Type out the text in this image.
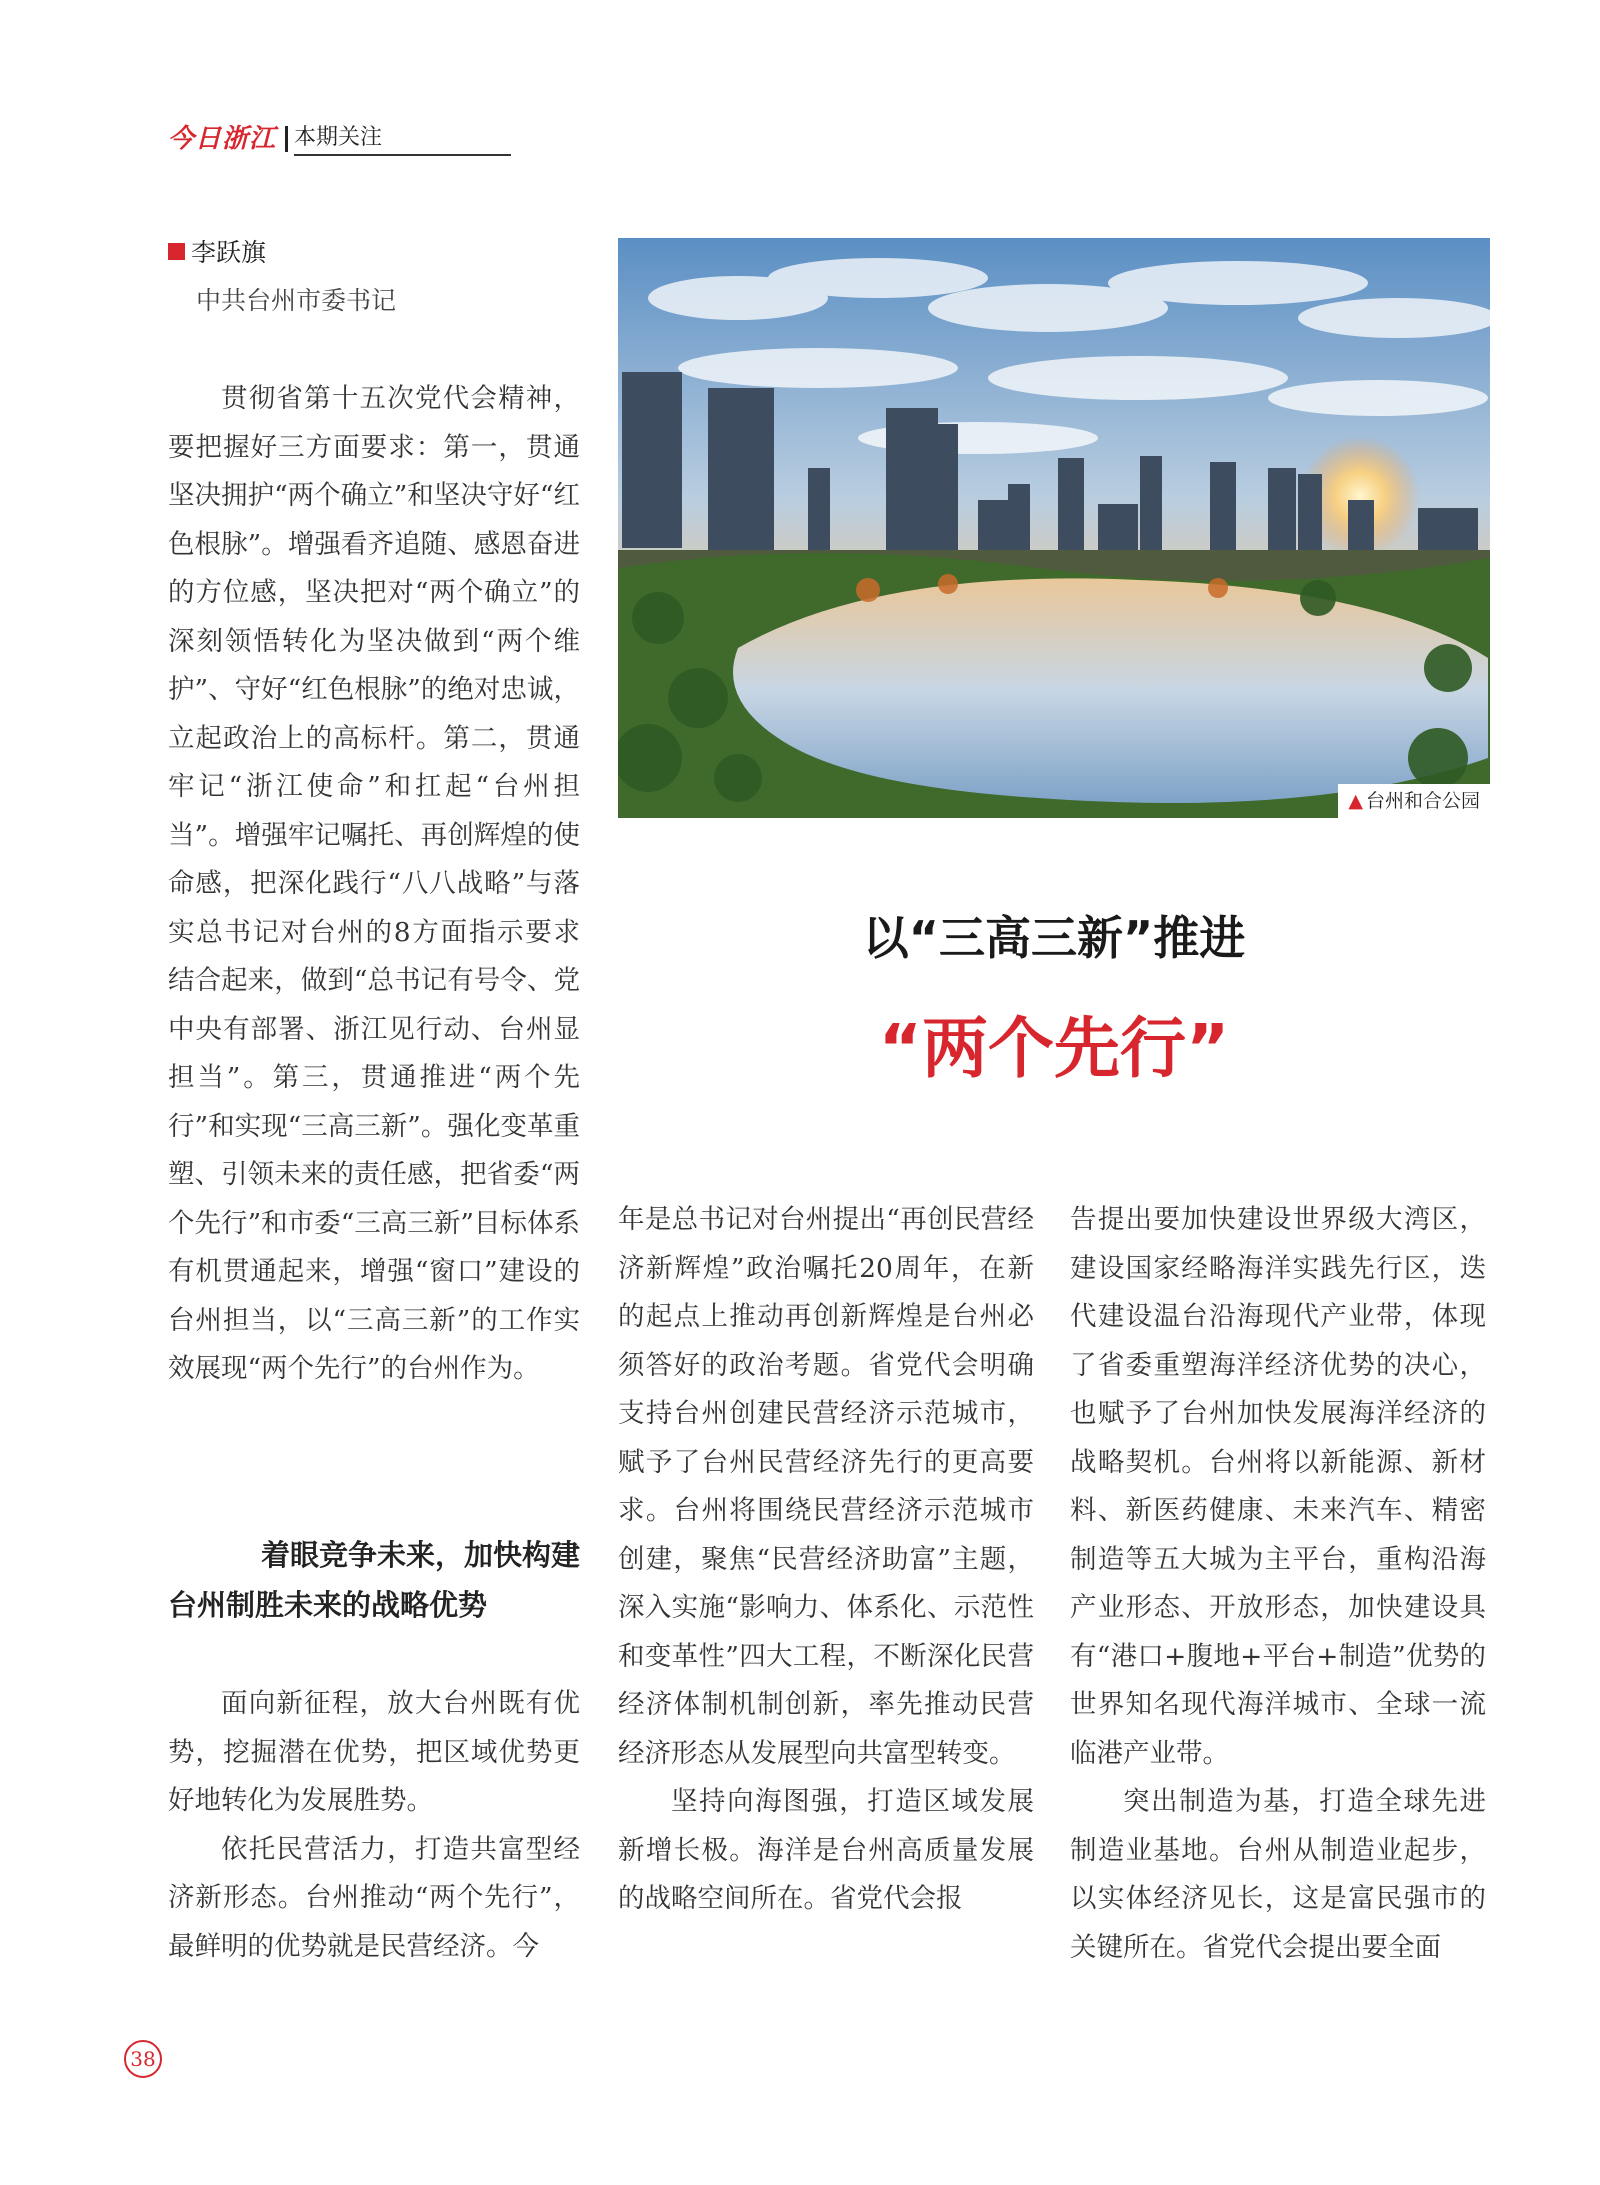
今日浙江 本期关注
李跃旗
中共台州市委书记

贯彻省第十五次党代会精神，要把握好三方面要求：第一，贯通坚决拥护“两个确立”和坚决守好“红色根脉”。增强看齐追随、感恩奋进的方位感，坚决把对“两个确立”的深刻领悟转化为坚决做到“两个维护”、守好“红色根脉”的绝对忠诚，立起政治上的高标杆。第二，贯通牢记“浙江使命”和扛起“台州担当”。增强牢记嘱托、再创辉煌的使命感，把深化践行“八八战略”与落实总书记对台州的8方面指示要求结合起来，做到“总书记有号令、党中央有部署、浙江见行动、台州显担当”。第三，贯通推进“两个先行”和实现“三高三新”。强化变革重塑、引领未来的责任感，把省委“两个先行”和市委“三高三新”目标体系有机贯通起来，增强“窗口”建设的台州担当，以“三高三新”的工作实效展现“两个先行”的台州作为。

着眼竞争未来，加快构建
台州制胜未来的战略优势

面向新征程，放大台州既有优势，挖掘潜在优势，把区域优势更好地转化为发展胜势。

依托民营活力，打造共富型经济新形态。台州推动“两个先行”，最鲜明的优势就是民营经济。今

▲ 台州和合公园
以“三高三新”推进
“两个先行”

年是总书记对台州提出“再创民营经济新辉煌”政治嘱托20周年，在新的起点上推动再创新辉煌是台州必须答好的政治考题。省党代会明确支持台州创建民营经济示范城市，赋予了台州民营经济先行的更高要求。台州将围绕民营经济示范城市创建，聚焦“民营经济助富”主题，深入实施“影响力、体系化、示范性和变革性”四大工程，不断深化民营经济体制机制创新，率先推动民营经济形态从发展型向共富型转变。

坚持向海图强，打造区域发展新增长极。海洋是台州高质量发展的战略空间所在。省党代会报

告提出要加快建设世界级大湾区，建设国家经略海洋实践先行区，迭代建设温台沿海现代产业带，体现了省委重塑海洋经济优势的决心，也赋予了台州加快发展海洋经济的战略契机。台州将以新能源、新材料、新医药健康、未来汽车、精密制造等五大城为主平台，重构沿海产业形态、开放形态，加快建设具有“港口+腹地+平台+制造”优势的世界知名现代海洋城市、全球一流临港产业带。

突出制造为基，打造全球先进制造业基地。台州从制造业起步，以实体经济见长，这是富民强市的关键所在。省党代会提出要全面

38
